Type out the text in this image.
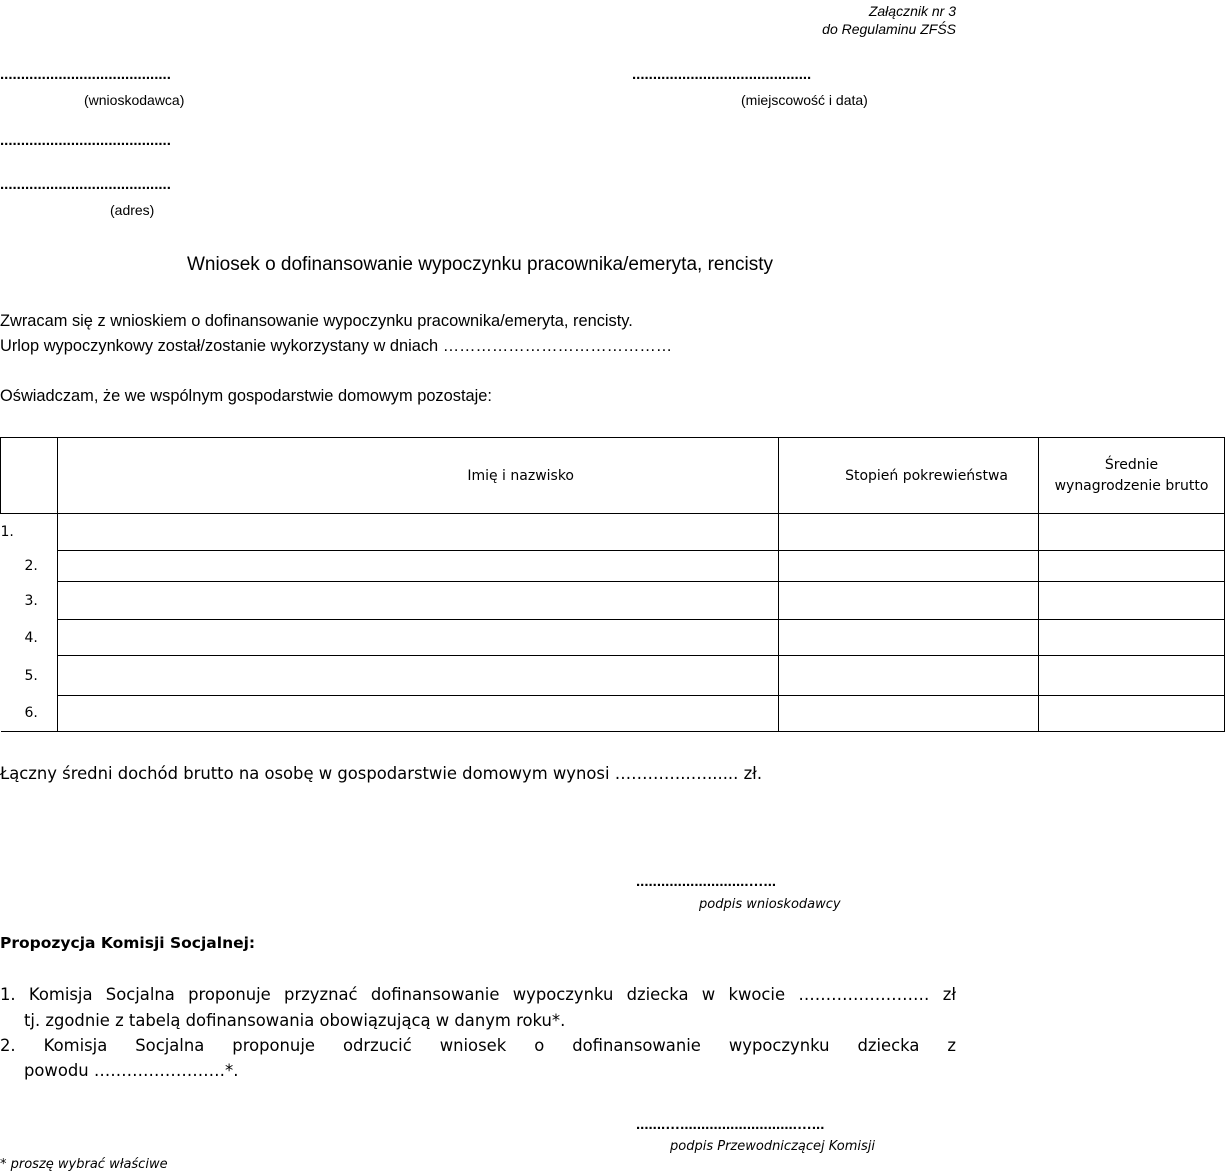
Załącznik nr 3
do Regulaminu ZFŚS
.........................................
(wnioskodawca)
...........................................
(miejscowość i data)
.........................................
.........................................
(adres)
Wniosek o dofinansowanie wypoczynku pracownika/emeryta, rencisty
Zwracam się z wnioskiem o dofinansowanie wypoczynku pracownika/emeryta, rencisty.
Urlop wypoczynkowy został/zostanie wykorzystany w dniach ……………………………………
Oświadczam, że we wspólnym gospodarstwie domowym pozostaje:
	Imię i nazwisko	Stopień pokrewieństwa	Średnie wynagrodzenie brutto
1.			
2.			
3.			
4.			
5.			
6.			
Łączny średni dochód brutto na osobę w gospodarstwie domowym wynosi …………..…...... zł.
...........................…...
podpis wnioskodawcy
Propozycja Komisji Socjalnej:
1. Komisja Socjalna proponuje przyznać dofinansowanie wypoczynku dziecka w kwocie …………………… zł
tj. zgodnie z tabelą dofinansowania obowiązującą w danym roku*.
2. Komisja Socjalna proponuje odrzucić wniosek o dofinansowanie wypoczynku dziecka z
powodu ……………………*.
.......…............................…...
podpis Przewodniczącej Komisji
* proszę wybrać właściwe
